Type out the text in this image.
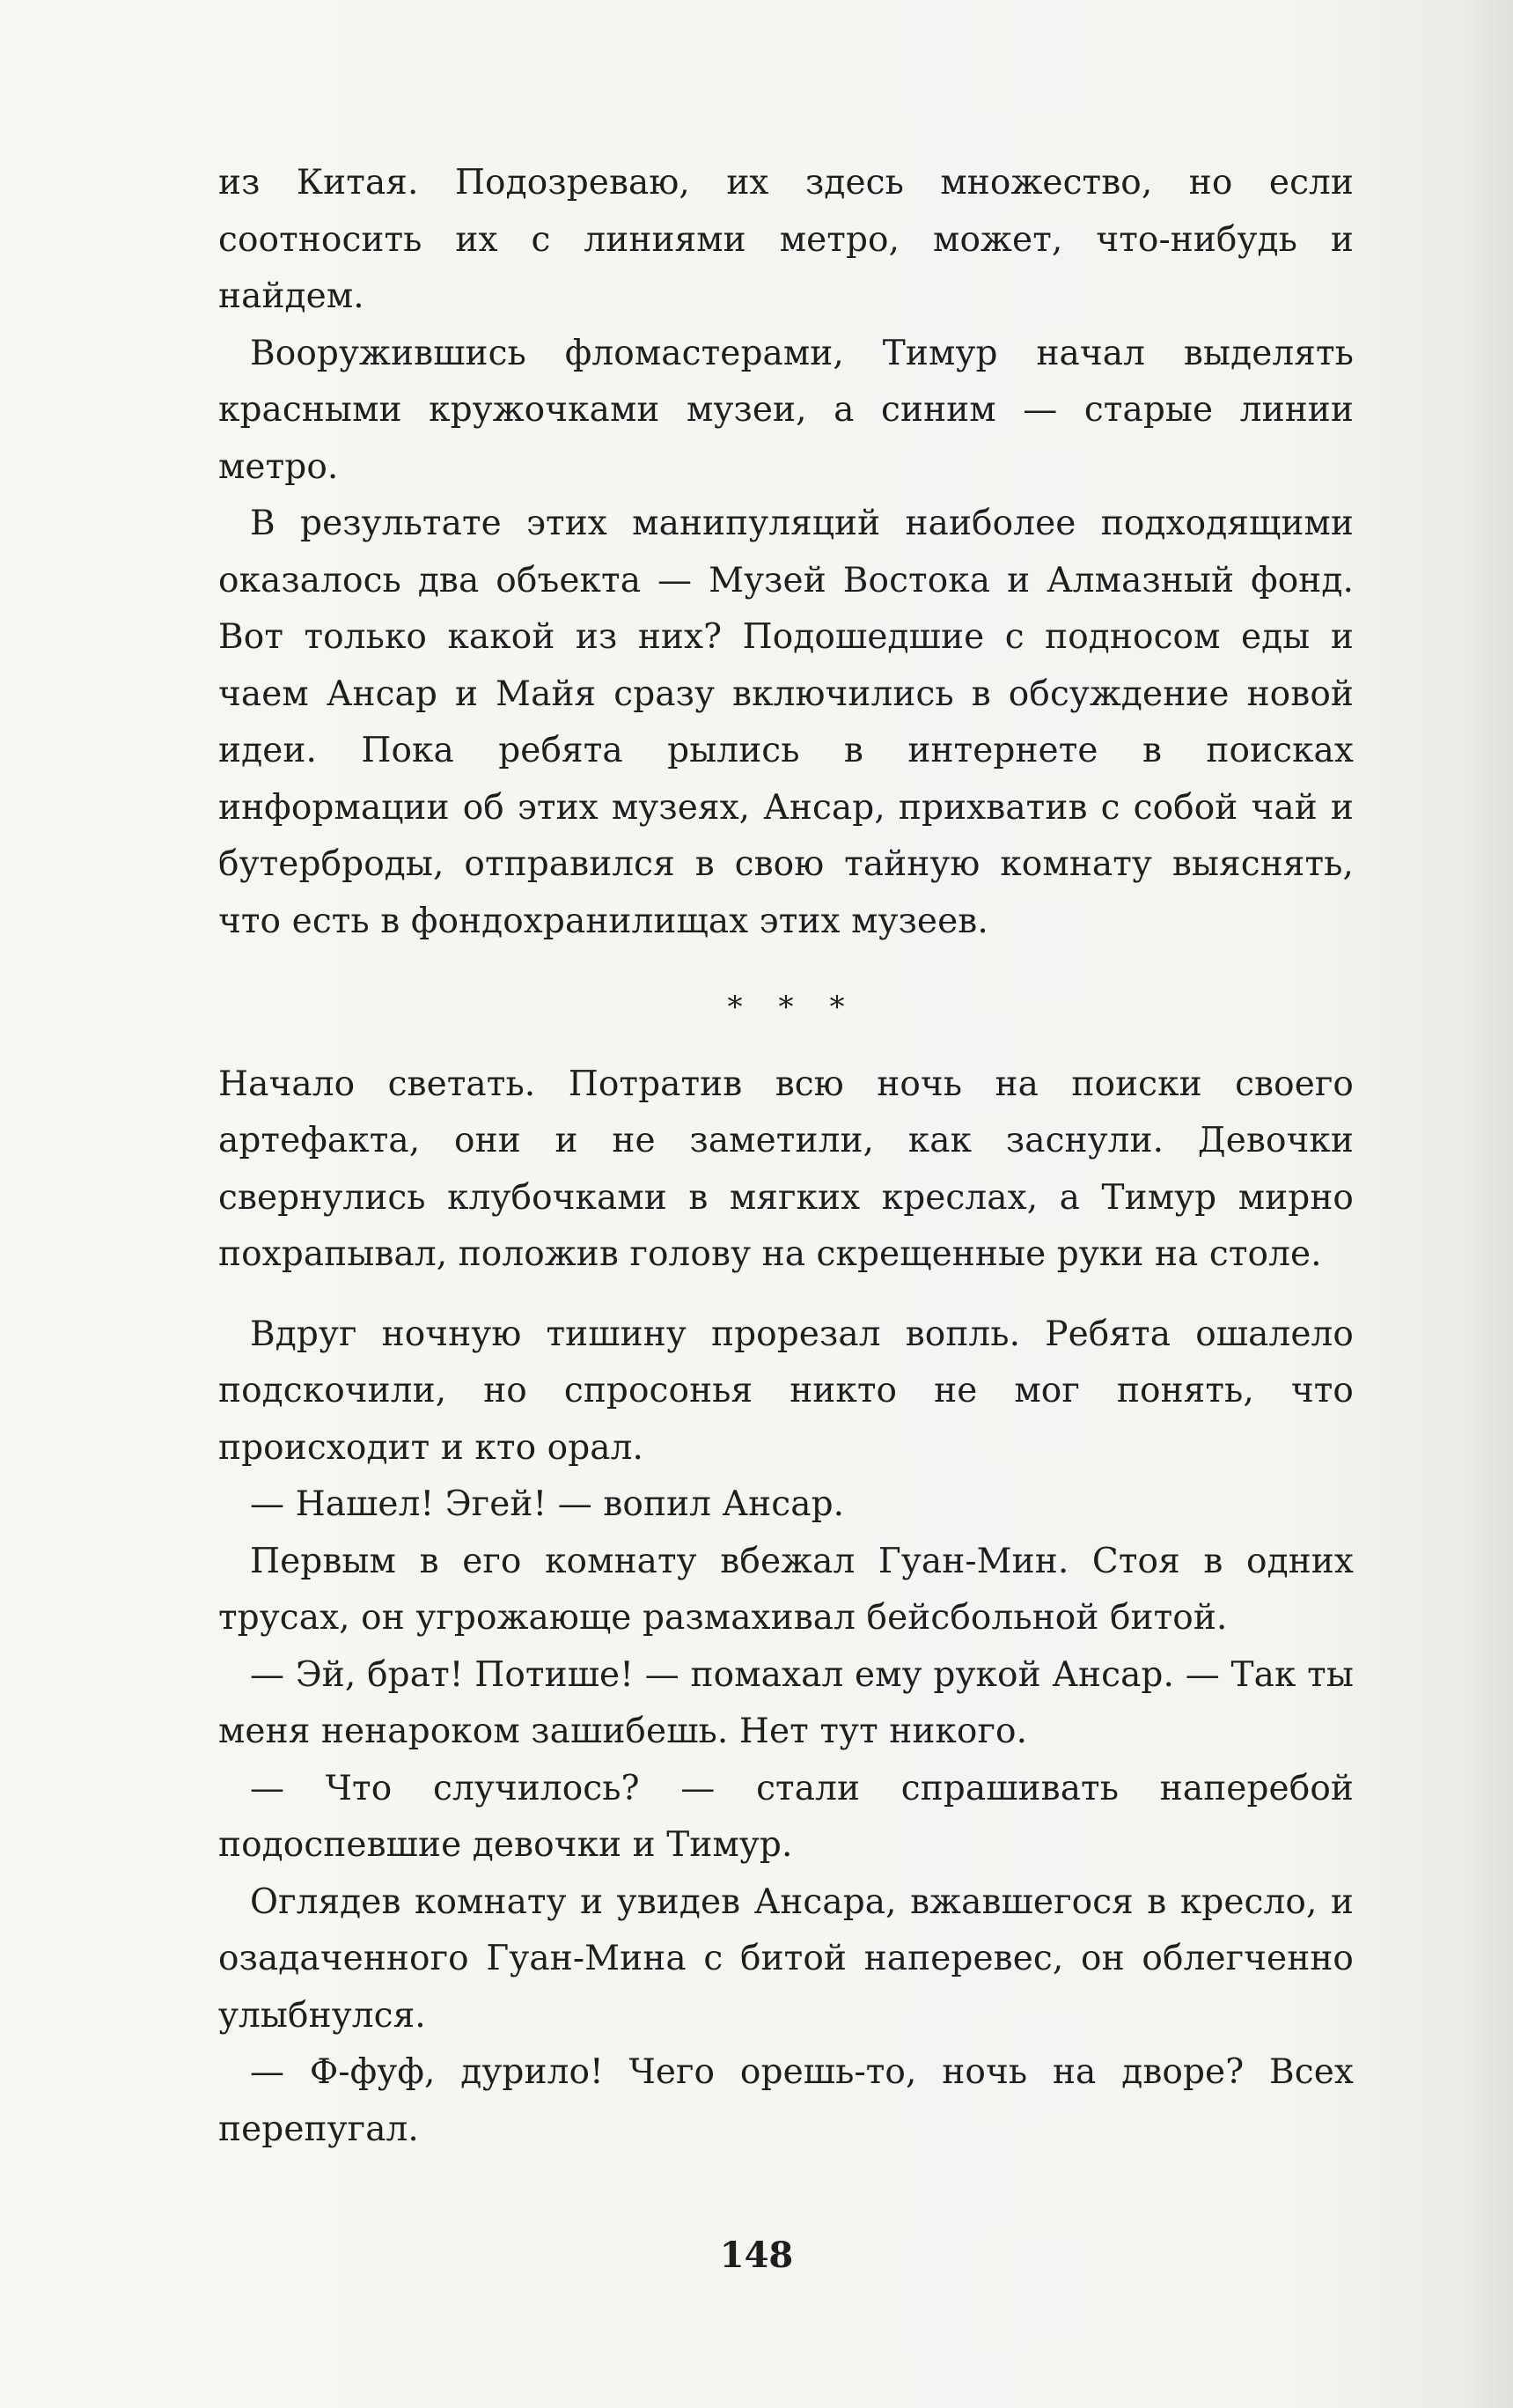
из Китая. Подозреваю, их здесь множество, но если соотносить их с линиями метро, может, что-нибудь и найдем.

Вооружившись фломастерами, Тимур начал выделять красными кружочками музеи, а синим — старые линии метро.

В результате этих манипуляций наиболее подходящими оказалось два объекта — Музей Востока и Алмазный фонд. Вот только какой из них? Подошедшие с подносом еды и чаем Ансар и Майя сразу включились в обсуждение новой идеи. Пока ребята рылись в интернете в поисках информации об этих музеях, Ансар, прихватив с собой чай и бутерброды, отправился в свою тайную комнату выяснять, что есть в фондохранилищах этих музеев.

* * *

Начало светать. Потратив всю ночь на поиски своего артефакта, они и не заметили, как заснули. Девочки свернулись клубочками в мягких креслах, а Тимур мирно похрапывал, положив голову на скрещенные руки на столе.

Вдруг ночную тишину прорезал вопль. Ребята ошалело подскочили, но спросонья никто не мог понять, что происходит и кто орал.

— Нашел! Эгей! — вопил Ансар.

Первым в его комнату вбежал Гуан-Мин. Стоя в одних трусах, он угрожающе размахивал бейсбольной битой.

— Эй, брат! Потише! — помахал ему рукой Ансар. — Так ты меня ненароком зашибешь. Нет тут никого.

— Что случилось? — стали спрашивать наперебой подоспевшие девочки и Тимур.

Оглядев комнату и увидев Ансара, вжавшегося в кресло, и озадаченного Гуан-Мина с битой наперевес, он облегченно улыбнулся.

— Ф-фуф, дурило! Чего орешь-то, ночь на дворе? Всех перепугал.

148
